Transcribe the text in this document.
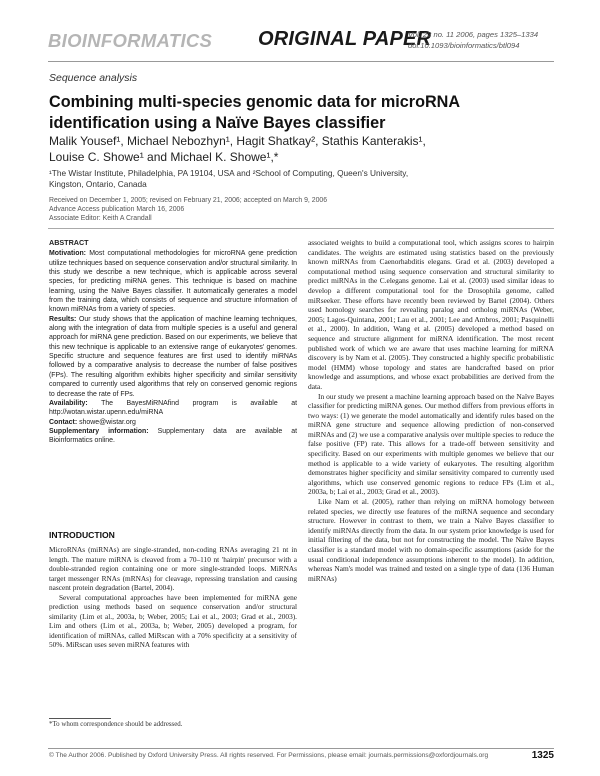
BIOINFORMATICS ORIGINAL PAPER
Vol. 22 no. 11 2006, pages 1325–1334
doi:10.1093/bioinformatics/btl094
Sequence analysis
Combining multi-species genomic data for microRNA
identification using a Naïve Bayes classifier
Malik Yousef¹, Michael Nebozhyn¹, Hagit Shatkay², Stathis Kanterakis¹,
Louise C. Showe¹ and Michael K. Showe¹,*
¹The Wistar Institute, Philadelphia, PA 19104, USA and ²School of Computing, Queen's University,
Kingston, Ontario, Canada
Received on December 1, 2005; revised on February 21, 2006; accepted on March 9, 2006
Advance Access publication March 16, 2006
Associate Editor: Keith A Crandall
ABSTRACT

Motivation: Most computational methodologies for microRNA gene prediction utilize techniques based on sequence conservation and/or structural similarity. In this study we describe a new technique, which is applicable across several species, for predicting miRNA genes. This technique is based on machine learning, using the Naïve Bayes classifier. It automatically generates a model from the training data, which consists of sequence and structure information of known miRNAs from a variety of species.

Results: Our study shows that the application of machine learning techniques, along with the integration of data from multiple species is a useful and general approach for miRNA gene prediction. Based on our experiments, we believe that this new technique is applicable to an extensive range of eukaryotes' genomes. Specific structure and sequence features are first used to identify miRNAs followed by a comparative analysis to decrease the number of false positives (FPs). The resulting algorithm exhibits higher specificity and similar sensitivity compared to currently used algorithms that rely on conserved genomic regions to decrease the rate of FPs.

Availability: The BayesMiRNAfind program is available at http://wotan.wistar.upenn.edu/miRNA

Contact: showe@wistar.org

Supplementary information: Supplementary data are available at Bioinformatics online.

INTRODUCTION

MicroRNAs (miRNAs) are single-stranded, non-coding RNAs averaging 21 nt in length. The mature miRNA is cleaved from a 70–110 nt 'hairpin' precursor with a double-stranded region containing one or more single-stranded loops. MiRNAs target messenger RNAs (mRNAs) for cleavage, repressing translation and causing nascent protein degradation (Bartel, 2004).

Several computational approaches have been implemented for miRNA gene prediction using methods based on sequence conservation and/or structural similarity (Lim et al., 2003a, b; Weber, 2005; Lai et al., 2003; Grad et al., 2003). Lim and others (Lim et al., 2003a, b; Weber, 2005) developed a program, for identification of miRNAs, called MiRscan with a 70% specificity at a sensitivity of 50%. MiRscan uses seven miRNA features with

*To whom correspondence should be addressed.

associated weights to build a computational tool, which assigns scores to hairpin candidates. The weights are estimated using statistics based on the previously known miRNAs from Caenorhabditis elegans. Grad et al. (2003) developed a computational method using sequence conservation and structural similarity to predict miRNAs in the C.elegans genome. Lai et al. (2003) used similar ideas to develop a different computational tool for the Drosophila genome, called miRseeker. These efforts have recently been reviewed by Bartel (2004). Others used homology searches for revealing paralog and ortholog miRNAs (Weber, 2005; Lagos-Quintana, 2001; Lau et al., 2001; Lee and Ambros, 2001; Pasquinelli et al., 2000). In addition, Wang et al. (2005) developed a method based on sequence and structure alignment for miRNA identification. The most recent published work of which we are aware that uses machine learning for miRNA discovery is by Nam et al. (2005). They constructed a highly specific probabilistic model (HMM) whose topology and states are handcrafted based on prior knowledge and assumptions, and whose exact probabilities are derived from the data.

In our study we present a machine learning approach based on the Naïve Bayes classifier for predicting miRNA genes. Our method differs from previous efforts in two ways: (1) we generate the model automatically and identify rules based on the miRNA gene structure and sequence allowing prediction of non-conserved miRNAs and (2) we use a comparative analysis over multiple species to reduce the false positive (FP) rate. This allows for a trade-off between sensitivity and specificity. Based on our experiments with multiple genomes we believe that our method is applicable to a wide variety of eukaryotes. The resulting algorithm demonstrates higher specificity and similar sensitivity compared to currently used algorithms, which use conserved genomic regions to reduce FPs (Lim et al., 2003a, b; Lai et al., 2003; Grad et al., 2003).

Like Nam et al. (2005), rather than relying on miRNA homology between related species, we directly use features of the miRNA sequence and secondary structure. However in contrast to them, we train a Naïve Bayes classifier to identify miRNAs directly from the data. In our system prior knowledge is used for initial filtering of the data, but not for constructing the model. The Naïve Bayes classifier is a standard model with no domain-specific assumptions (aside for the usual conditional independence assumptions inherent to the model). In addition, whereas Nam's model was trained and tested on a single type of data (136 Human miRNAs)

© The Author 2006. Published by Oxford University Press. All rights reserved. For Permissions, please email: journals.permissions@oxfordjournals.org	1325
